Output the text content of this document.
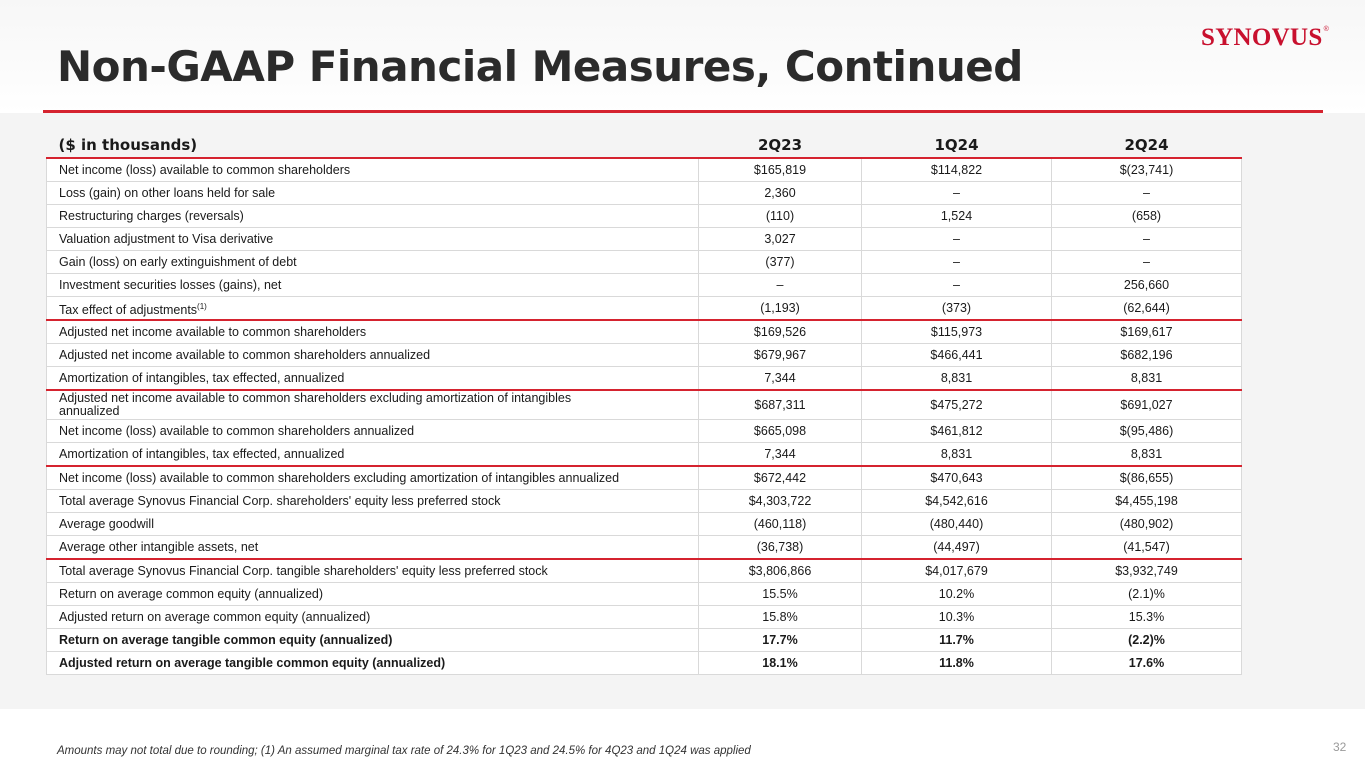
Non-GAAP Financial Measures, Continued
SYNOVUS®
($ in thousands)	2Q23	1Q24	2Q24
Net income (loss) available to common shareholders	$165,819	$114,822	$(23,741)
Loss (gain) on other loans held for sale	2,360	–	–
Restructuring charges (reversals)	(110)	1,524	(658)
Valuation adjustment to Visa derivative	3,027	–	–
Gain (loss) on early extinguishment of debt	(377)	–	–
Investment securities losses (gains), net	–	–	256,660
Tax effect of adjustments$^{(1)}$	(1,193)	(373)	(62,644)
Adjusted net income available to common shareholders	$169,526	$115,973	$169,617
Adjusted net income available to common shareholders annualized	$679,967	$466,441	$682,196
Amortization of intangibles, tax effected, annualized	7,344	8,831	8,831

Adjusted net income available to common shareholders excluding amortization of intangibles annualized	$687,311	$475,272	$691,027
Net income (loss) available to common shareholders annualized	$665,098	$461,812	$(95,486)
Amortization of intangibles, tax effected, annualized	7,344	8,831	8,831
Net income (loss) available to common shareholders excluding amortization of intangibles annualized	$672,442	$470,643	$(86,655)
Total average Synovus Financial Corp. shareholders' equity less preferred stock	$4,303,722	$4,542,616	$4,455,198
Average goodwill	(460,118)	(480,440)	(480,902)
Average other intangible assets, net	(36,738)	(44,497)	(41,547)
Total average Synovus Financial Corp. tangible shareholders' equity less preferred stock	$3,806,866	$4,017,679	$3,932,749
Return on average common equity (annualized)	15.5%	10.2%	(2.1)%
Adjusted return on average common equity (annualized)	15.8%	10.3%	15.3%
Return on average tangible common equity (annualized)	17.7%	11.7%	(2.2)%
Adjusted return on average tangible common equity (annualized)	18.1%	11.8%	17.6%
Amounts may not total due to rounding; (1) An assumed marginal tax rate of 24.3% for 1Q23 and 24.5% for 4Q23 and 1Q24 was applied	32
